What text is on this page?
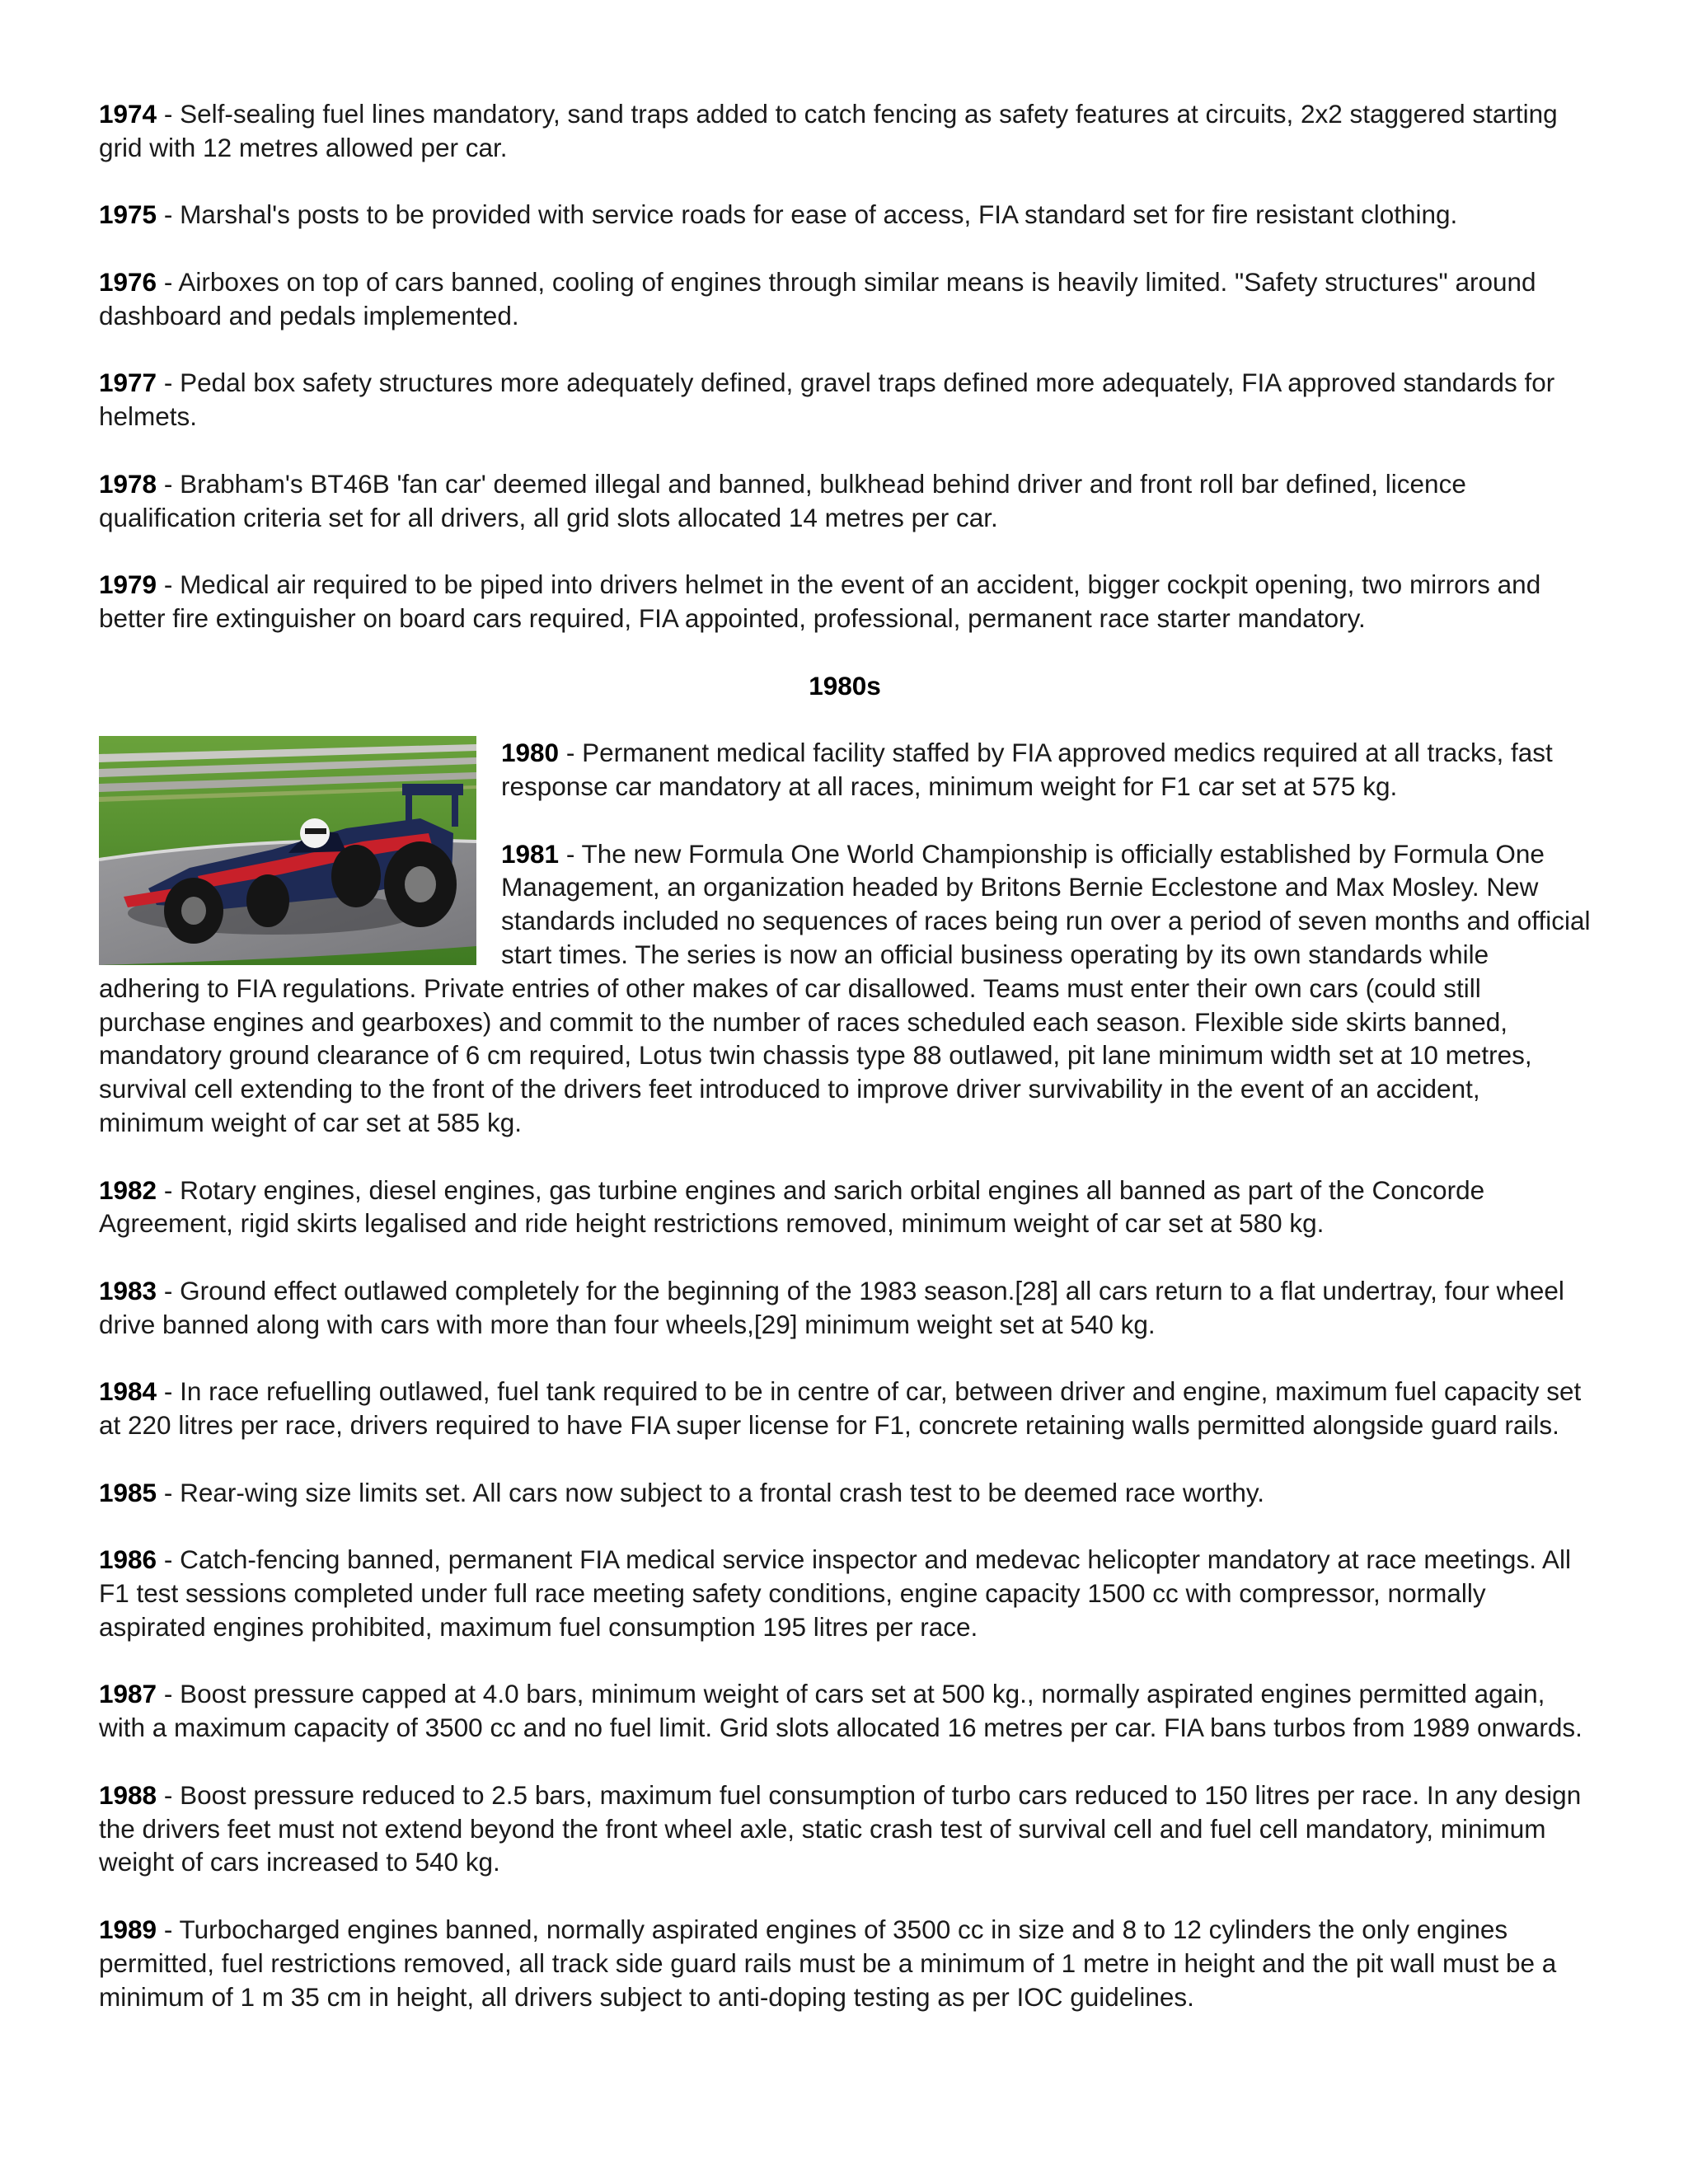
1974 - Self-sealing fuel lines mandatory, sand traps added to catch fencing as safety features at circuits, 2x2 staggered starting grid with 12 metres allowed per car.

1975 - Marshal's posts to be provided with service roads for ease of access, FIA standard set for fire resistant clothing.

1976 - Airboxes on top of cars banned, cooling of engines through similar means is heavily limited. "Safety structures" around dashboard and pedals implemented.

1977 - Pedal box safety structures more adequately defined, gravel traps defined more adequately, FIA approved standards for helmets.

1978 - Brabham's BT46B 'fan car' deemed illegal and banned, bulkhead behind driver and front roll bar defined, licence qualification criteria set for all drivers, all grid slots allocated 14 metres per car.

1979 - Medical air required to be piped into drivers helmet in the event of an accident, bigger cockpit opening, two mirrors and better fire extinguisher on board cars required, FIA appointed, professional, permanent race starter mandatory.

1980s

1980 - Permanent medical facility staffed by FIA approved medics required at all tracks, fast response car mandatory at all races, minimum weight for F1 car set at 575 kg.

1981 - The new Formula One World Championship is officially established by Formula One Management, an organization headed by Britons Bernie Ecclestone and Max Mosley. New standards included no sequences of races being run over a period of seven months and official start times. The series is now an official business operating by its own standards while adhering to FIA regulations. Private entries of other makes of car disallowed. Teams must enter their own cars (could still purchase engines and gearboxes) and commit to the number of races scheduled each season. Flexible side skirts banned, mandatory ground clearance of 6 cm required, Lotus twin chassis type 88 outlawed, pit lane minimum width set at 10 metres, survival cell extending to the front of the drivers feet introduced to improve driver survivability in the event of an accident, minimum weight of car set at 585 kg.

1982 - Rotary engines, diesel engines, gas turbine engines and sarich orbital engines all banned as part of the Concorde Agreement, rigid skirts legalised and ride height restrictions removed, minimum weight of car set at 580 kg.

1983 - Ground effect outlawed completely for the beginning of the 1983 season.[28] all cars return to a flat undertray, four wheel drive banned along with cars with more than four wheels,[29] minimum weight set at 540 kg.

1984 - In race refuelling outlawed, fuel tank required to be in centre of car, between driver and engine, maximum fuel capacity set at 220 litres per race, drivers required to have FIA super license for F1, concrete retaining walls permitted alongside guard rails.

1985 - Rear-wing size limits set. All cars now subject to a frontal crash test to be deemed race worthy.

1986 - Catch-fencing banned, permanent FIA medical service inspector and medevac helicopter mandatory at race meetings. All F1 test sessions completed under full race meeting safety conditions, engine capacity 1500 cc with compressor, normally aspirated engines prohibited, maximum fuel consumption 195 litres per race.

1987 - Boost pressure capped at 4.0 bars, minimum weight of cars set at 500 kg., normally aspirated engines permitted again, with a maximum capacity of 3500 cc and no fuel limit. Grid slots allocated 16 metres per car. FIA bans turbos from 1989 onwards.

1988 - Boost pressure reduced to 2.5 bars, maximum fuel consumption of turbo cars reduced to 150 litres per race. In any design the drivers feet must not extend beyond the front wheel axle, static crash test of survival cell and fuel cell mandatory, minimum weight of cars increased to 540 kg.

1989 - Turbocharged engines banned, normally aspirated engines of 3500 cc in size and 8 to 12 cylinders the only engines permitted, fuel restrictions removed, all track side guard rails must be a minimum of 1 metre in height and the pit wall must be a minimum of 1 m 35 cm in height, all drivers subject to anti-doping testing as per IOC guidelines.
